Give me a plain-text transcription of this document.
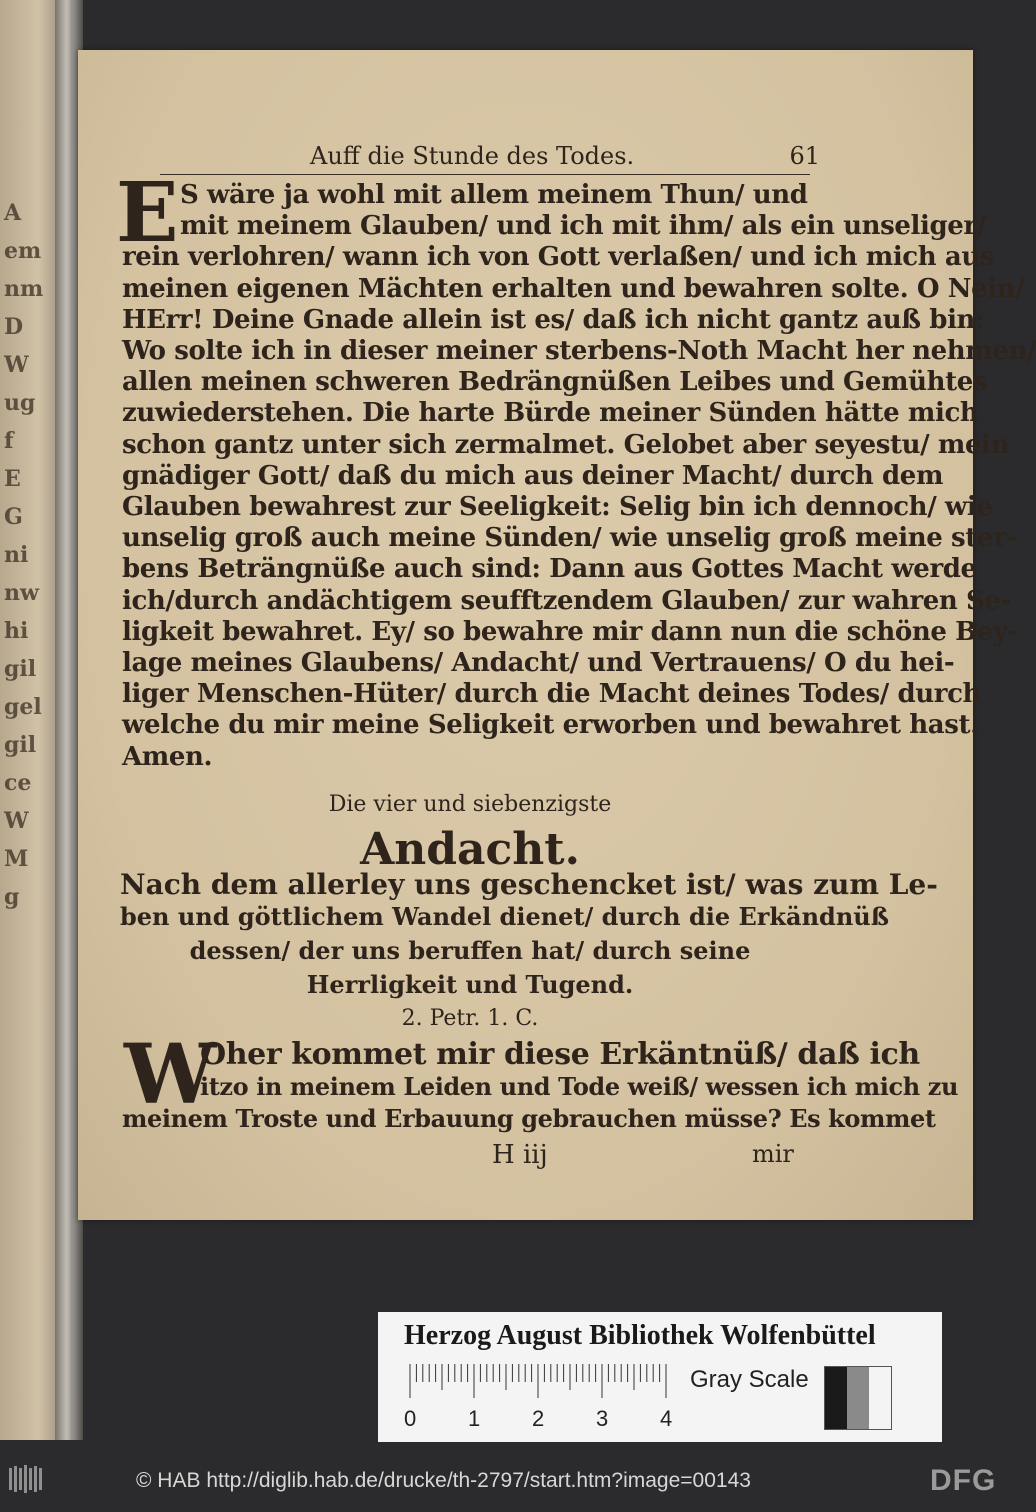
A
em
nm
D
W
ug
f
E
G
ni
nw
hi
gil
gel
gil
ce
W
M
g
Auff die Stunde des Todes.	61
E S wäre ja wohl mit allem meinem Thun/ und
mit meinem Glauben/ und ich mit ihm/ als ein unseliger/
rein verlohren/ wann ich von Gott verlaßen/ und ich mich aus
meinen eigenen Mächten erhalten und bewahren solte. O Nein/
HErr! Deine Gnade allein ist es/ daß ich nicht gantz auß bin:
Wo solte ich in dieser meiner sterbens-Noth Macht her nehmen/
allen meinen schweren Bedrängnüßen Leibes und Gemühtes
zuwiederstehen. Die harte Bürde meiner Sünden hätte mich
schon gantz unter sich zermalmet. Gelobet aber seyestu/ mein
gnädiger Gott/ daß du mich aus deiner Macht/ durch dem
Glauben bewahrest zur Seeligkeit: Selig bin ich dennoch/ wie
unselig groß auch meine Sünden/ wie unselig groß meine ster-
bens Beträngnüße auch sind: Dann aus Gottes Macht werde
ich/durch andächtigem seufftzendem Glauben/ zur wahren Se-
ligkeit bewahret. Ey/ so bewahre mir dann nun die schöne Bey-
lage meines Glaubens/ Andacht/ und Vertrauens/ O du hei-
liger Menschen-Hüter/ durch die Macht deines Todes/ durch
welche du mir meine Seligkeit erworben und bewahret hast.
Amen.
Die vier und siebenzigste
Andacht.
Nach dem allerley uns geschencket ist/ was zum Le-
ben und göttlichem Wandel dienet/ durch die Erkändnüß
dessen/ der uns beruffen hat/ durch seine
Herrligkeit und Tugend.
2. Petr. 1. C.
W
Oher kommet mir diese Erkäntnüß/ daß ich
itzo in meinem Leiden und Tode weiß/ wessen ich mich zu
meinem Troste und Erbauung gebrauchen müsse? Es kommet
H iij	mir
Herzog August Bibliothek Wolfenbüttel
0 1 2 3 4
Gray Scale
© HAB http://diglib.hab.de/drucke/th-2797/start.htm?image=00143	DFG
